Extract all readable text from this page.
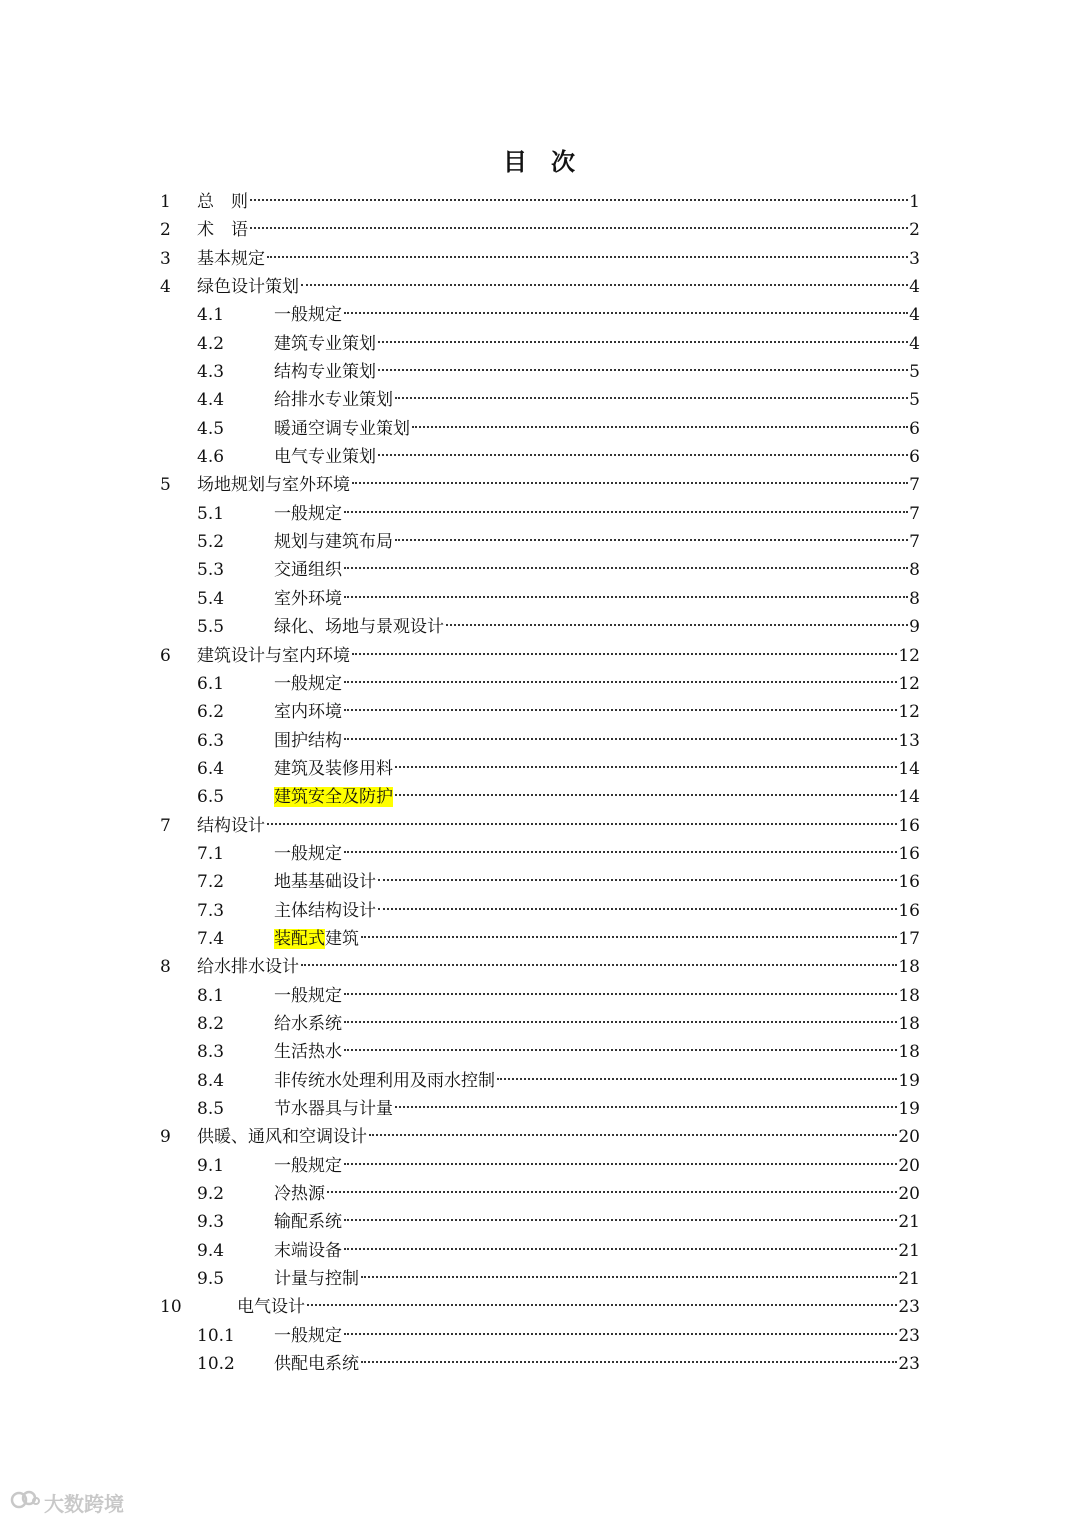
目 次
1 总　则	1
2 术　语	2
3 基本规定	3
4 绿色设计策划	4
4.1	一般规定	4
4.2	建筑专业策划	4
4.3	结构专业策划	5
4.4	给排水专业策划	5
4.5	暖通空调专业策划	6
4.6	电气专业策划	6
5 场地规划与室外环境	7
5.1	一般规定	7
5.2	规划与建筑布局	7
5.3	交通组织	8
5.4	室外环境	8
5.5	绿化、场地与景观设计	9
6 建筑设计与室内环境	12
6.1	一般规定	12
6.2	室内环境	12
6.3	围护结构	13
6.4	建筑及装修用料	14
6.5	建筑安全及防护	14
7 结构设计	16
7.1	一般规定	16
7.2	地基基础设计	16
7.3	主体结构设计	16
7.4	装配式建筑	17
8 给水排水设计	18
8.1	一般规定	18
8.2	给水系统	18
8.3	生活热水	18
8.4	非传统水处理利用及雨水控制	19
8.5	节水器具与计量	19
9 供暖、通风和空调设计	20
9.1	一般规定	20
9.2	冷热源	20
9.3	输配系统	21
9.4	末端设备	21
9.5	计量与控制	21
10	电气设计	23
10.1 一般规定	23
10.2 供配电系统	23
大数跨境
